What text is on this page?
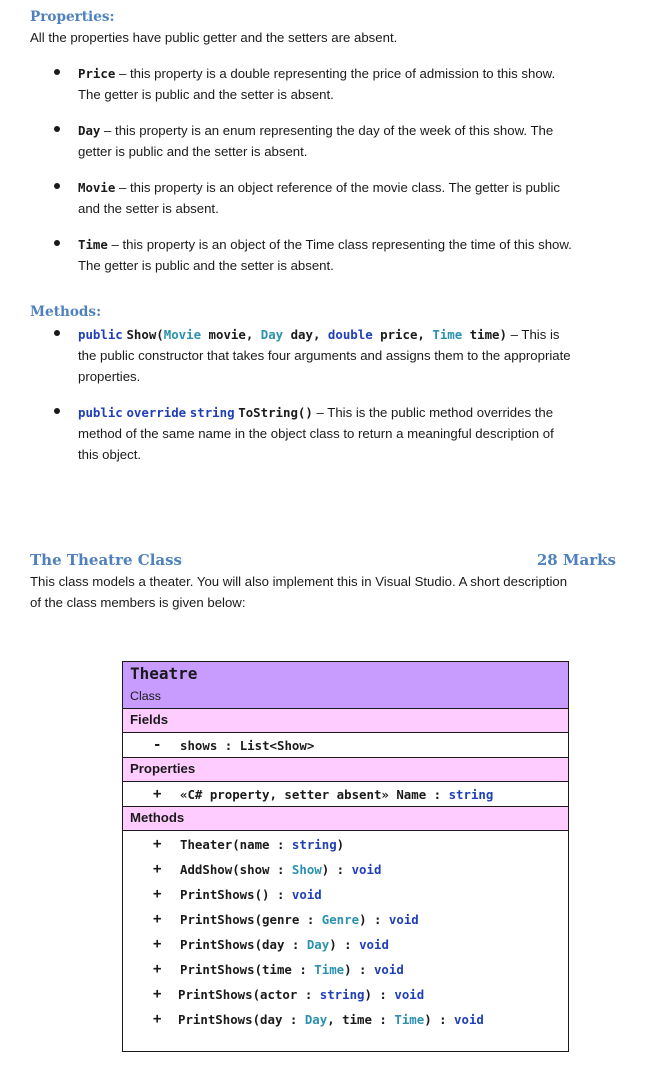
Properties:
All the properties have public getter and the setters are absent.
Price – this property is a double representing the price of admission to this show.
The getter is public and the setter is absent.
Day – this property is an enum representing the day of the week of this show. The
getter is public and the setter is absent.
Movie – this property is an object reference of the movie class. The getter is public
and the setter is absent.
Time – this property is an object of the Time class representing the time of this show.
The getter is public and the setter is absent.
Methods:
public Show(Movie movie, Day day, double price, Time time) – This is
the public constructor that takes four arguments and assigns them to the appropriate
properties.
public override string ToString() – This is the public method overrides the
method of the same name in the object class to return a meaningful description of
this object.
The Theatre Class	28 Marks
This class models a theater. You will also implement this in Visual Studio. A short description
of the class members is given below:
Theatre
Class
Fields
- shows : List<Show>
Properties
+ «C# property, setter absent» Name : string
Methods
+ Theater(name : string)
+ AddShow(show : Show) : void
+ PrintShows() : void
+ PrintShows(genre : Genre) : void
+ PrintShows(day : Day) : void
+ PrintShows(time : Time) : void
+ PrintShows(actor : string) : void
+ PrintShows(day : Day, time : Time) : void
